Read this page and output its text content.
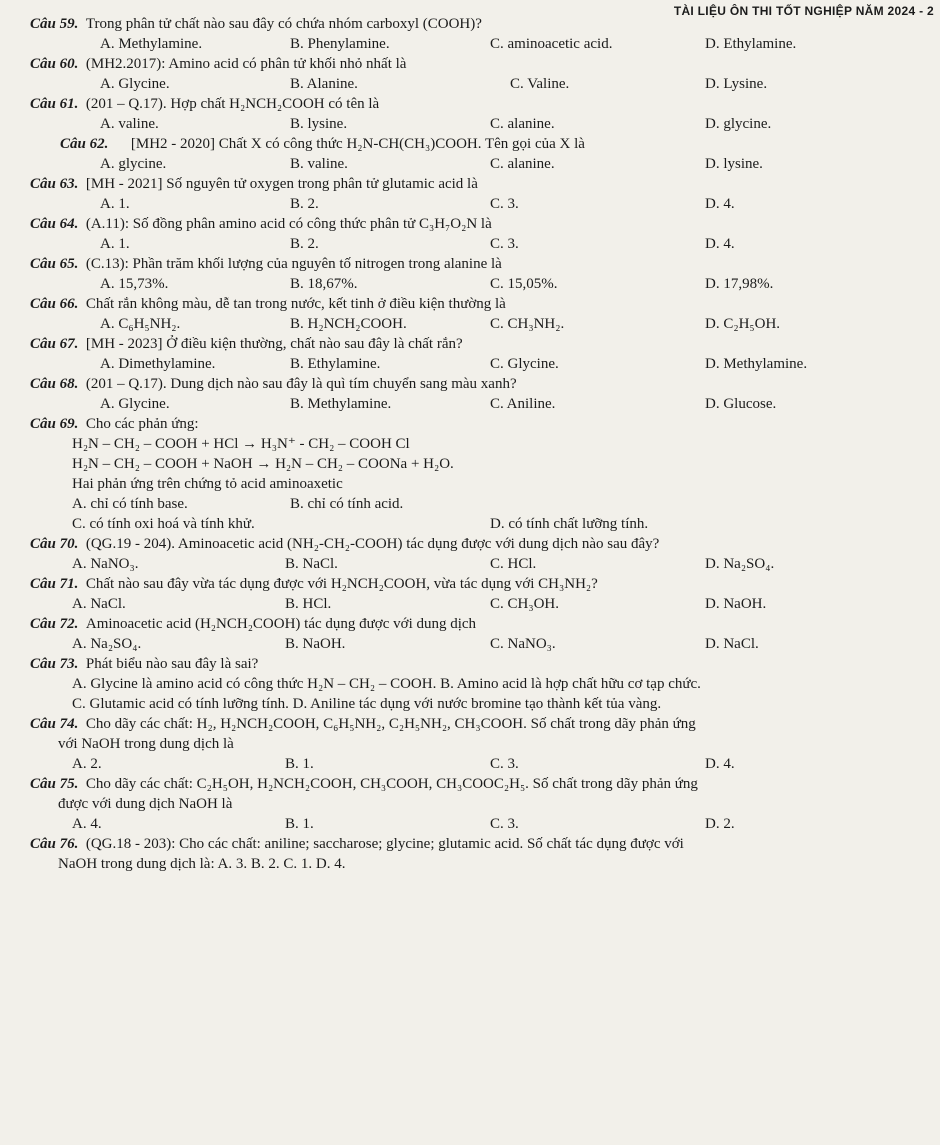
TÀI LIỆU ÔN THI TỐT NGHIỆP NĂM 2024 - 2

Câu 59. Trong phân tử chất nào sau đây có chứa nhóm carboxyl (COOH)?

A. Methylamine.	B. Phenylamine.	C. aminoacetic acid.	D. Ethylamine.

Câu 60. (MH2.2017): Amino acid có phân tử khối nhỏ nhất là

A. Glycine.	B. Alanine.	C. Valine.	D. Lysine.

Câu 61. (201 – Q.17). Hợp chất H₂NCH₂COOH có tên là

A. valine.	B. lysine.	C. alanine.	D. glycine.

Câu 62. [MH2 - 2020] Chất X có công thức H₂N-CH(CH₃)COOH. Tên gọi của X là

A. glycine.	B. valine.	C. alanine.	D. lysine.

Câu 63. [MH - 2021] Số nguyên tử oxygen trong phân tử glutamic acid là

A. 1.	B. 2.	C. 3.	D. 4.

Câu 64. (A.11): Số đồng phân amino acid có công thức phân tử C₃H₇O₂N là

A. 1.	B. 2.	C. 3.	D. 4.

Câu 65. (C.13): Phần trăm khối lượng của nguyên tố nitrogen trong alanine là

A. 15,73%.	B. 18,67%.	C. 15,05%.	D. 17,98%.

Câu 66. Chất rắn không màu, dễ tan trong nước, kết tinh ở điều kiện thường là

A. C₆H₅NH₂.	B. H₂NCH₂COOH.	C. CH₃NH₂.	D. C₂H₅OH.

Câu 67. [MH - 2023] Ở điều kiện thường, chất nào sau đây là chất rắn?

A. Dimethylamine.	B. Ethylamine.	C. Glycine.	D. Methylamine.

Câu 68. (201 – Q.17). Dung dịch nào sau đây là quì tím chuyển sang màu xanh?

A. Glycine.	B. Methylamine.	C. Aniline.	D. Glucose.

Câu 69. Cho các phản ứng:

H₂N – CH₂ – COOH + HCl → H₃N⁺ - CH₂ – COOH Cl
H₂N – CH₂ – COOH + NaOH → H₂N – CH₂ – COONa + H₂O.
Hai phản ứng trên chứng tỏ acid aminoaxetic
A. chỉ có tính base.	B. chỉ có tính acid.
C. có tính oxi hoá và tính khử.	D. có tính chất lưỡng tính.

Câu 70. (QG.19 - 204). Aminoacetic acid (NH₂-CH₂-COOH) tác dụng được với dung dịch nào sau đây?

A. NaNO₃.	B. NaCl.	C. HCl.	D. Na₂SO₄.

Câu 71. Chất nào sau đây vừa tác dụng được với H₂NCH₂COOH, vừa tác dụng với CH₃NH₂?

A. NaCl.	B. HCl.	C. CH₃OH.	D. NaOH.

Câu 72. Aminoacetic acid (H₂NCH₂COOH) tác dụng được với dung dịch

A. Na₂SO₄.	B. NaOH.	C. NaNO₃.	D. NaCl.

Câu 73. Phát biểu nào sau đây là sai?

A. Glycine là amino acid có công thức H₂N – CH₂ – COOH. B. Amino acid là hợp chất hữu cơ tạp chức.
C. Glutamic acid có tính lưỡng tính. D. Aniline tác dụng với nước bromine tạo thành kết tủa vàng.

Câu 74. Cho dãy các chất: H₂, H₂NCH₂COOH, C₆H₅NH₂, C₂H₅NH₂, CH₃COOH. Số chất trong dãy phản ứng

với NaOH trong dung dịch là
A. 2.	B. 1.	C. 3.	D. 4.

Câu 75. Cho dãy các chất: C₂H₅OH, H₂NCH₂COOH, CH₃COOH, CH₃COOC₂H₅. Số chất trong dãy phản ứng

được với dung dịch NaOH là
A. 4.	B. 1.	C. 3.	D. 2.

Câu 76. (QG.18 - 203): Cho các chất: aniline; saccharose; glycine; glutamic acid. Số chất tác dụng được với

NaOH trong dung dịch là: A. 3. B. 2. C. 1. D. 4.
